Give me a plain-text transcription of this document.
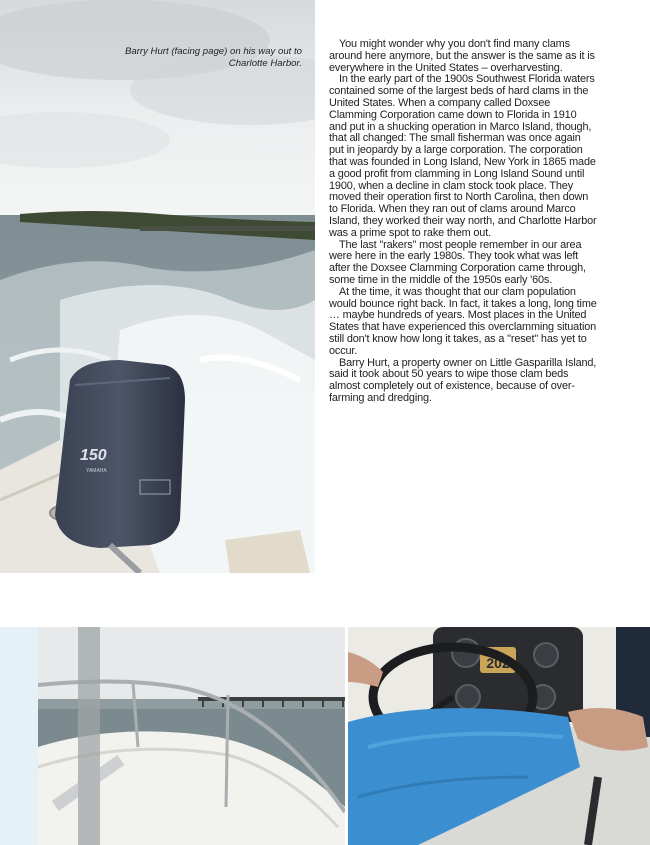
150
YAMAHA
Barry Hurt (facing page) on his way out to Charlotte Harbor.

You might wonder why you don't find many clams around here anymore, but the answer is the same as it is everywhere in the United States – overharvesting.

In the early part of the 1900s Southwest Florida waters contained some of the largest beds of hard clams in the United States. When a company called Doxsee Clamming Corporation came down to Florida in 1910 and put in a shucking operation in Marco Island, though, that all changed: The small fisherman was once again put in jeopardy by a large corporation. The corporation that was founded in Long Island, New York in 1865 made a good profit from clamming in Long Island Sound until 1900, when a decline in clam stock took place. They moved their operation first to North Carolina, then down to Florida. When they ran out of clams around Marco Island, they worked their way north, and Charlotte Harbor was a prime spot to rake them out.

The last "rakers" most people remember in our area were here in the early 1980s. They took what was left after the Doxsee Clamming Corporation came through, some time in the middle of the 1950s early '60s.

At the time, it was thought that our clam population would bounce right back. In fact, it takes a long, long time … maybe hundreds of years. Most places in the United States that have experienced this overclamming situation still don't know how long it takes, as a "reset" has yet to occur.

Barry Hurt, a property owner on Little Gasparilla Island, said it took about 50 years to wipe those clam beds almost completely out of existence, because of over-farming and dredging.

202
